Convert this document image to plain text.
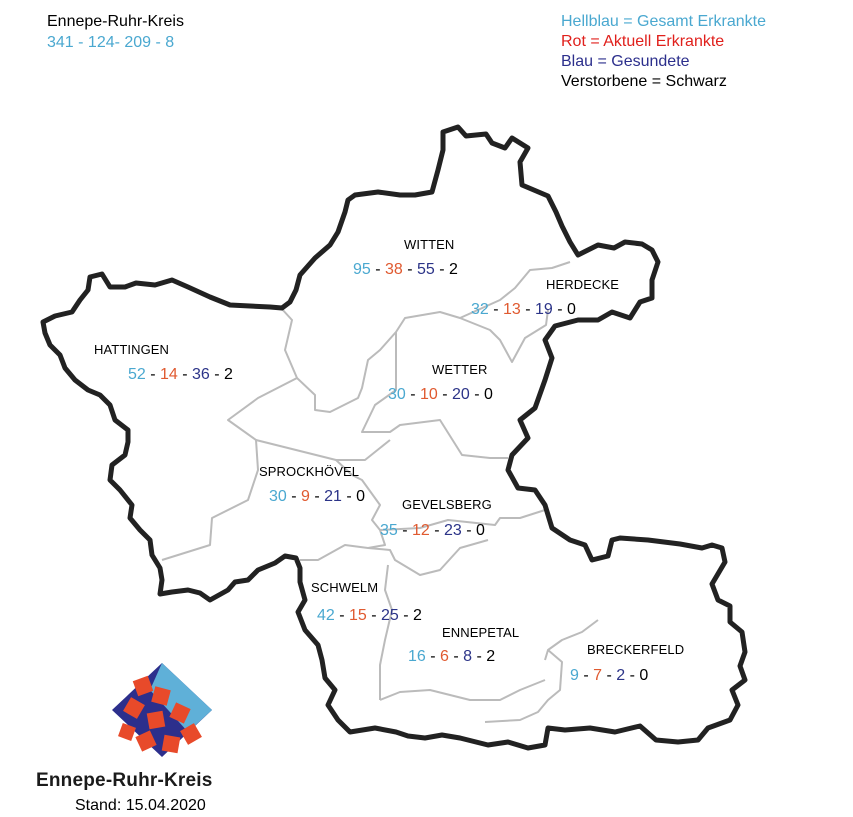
Ennepe-Ruhr-Kreis
341 - 124- 209 - 8
Hellblau = Gesamt Erkrankte
Rot = Aktuell Erkrankte
Blau = Gesundete
Verstorbene = Schwarz
WITTEN
95 - 38 - 55 - 2
HERDECKE
32 - 13 - 19 - 0
HATTINGEN
52 - 14 - 36 - 2	WETTER
30 - 10 - 20 - 0
SPROCKHÖVEL
30 - 9 - 21 - 0	GEVELSBERG
35 - 12 - 23 - 0
SCHWELM
42 - 15 - 25 - 2
ENNEPETAL
16 - 6 - 8 - 2	BRECKERFELD
9 - 7 - 2 - 0
Ennepe-Ruhr-Kreis
Stand: 15.04.2020
